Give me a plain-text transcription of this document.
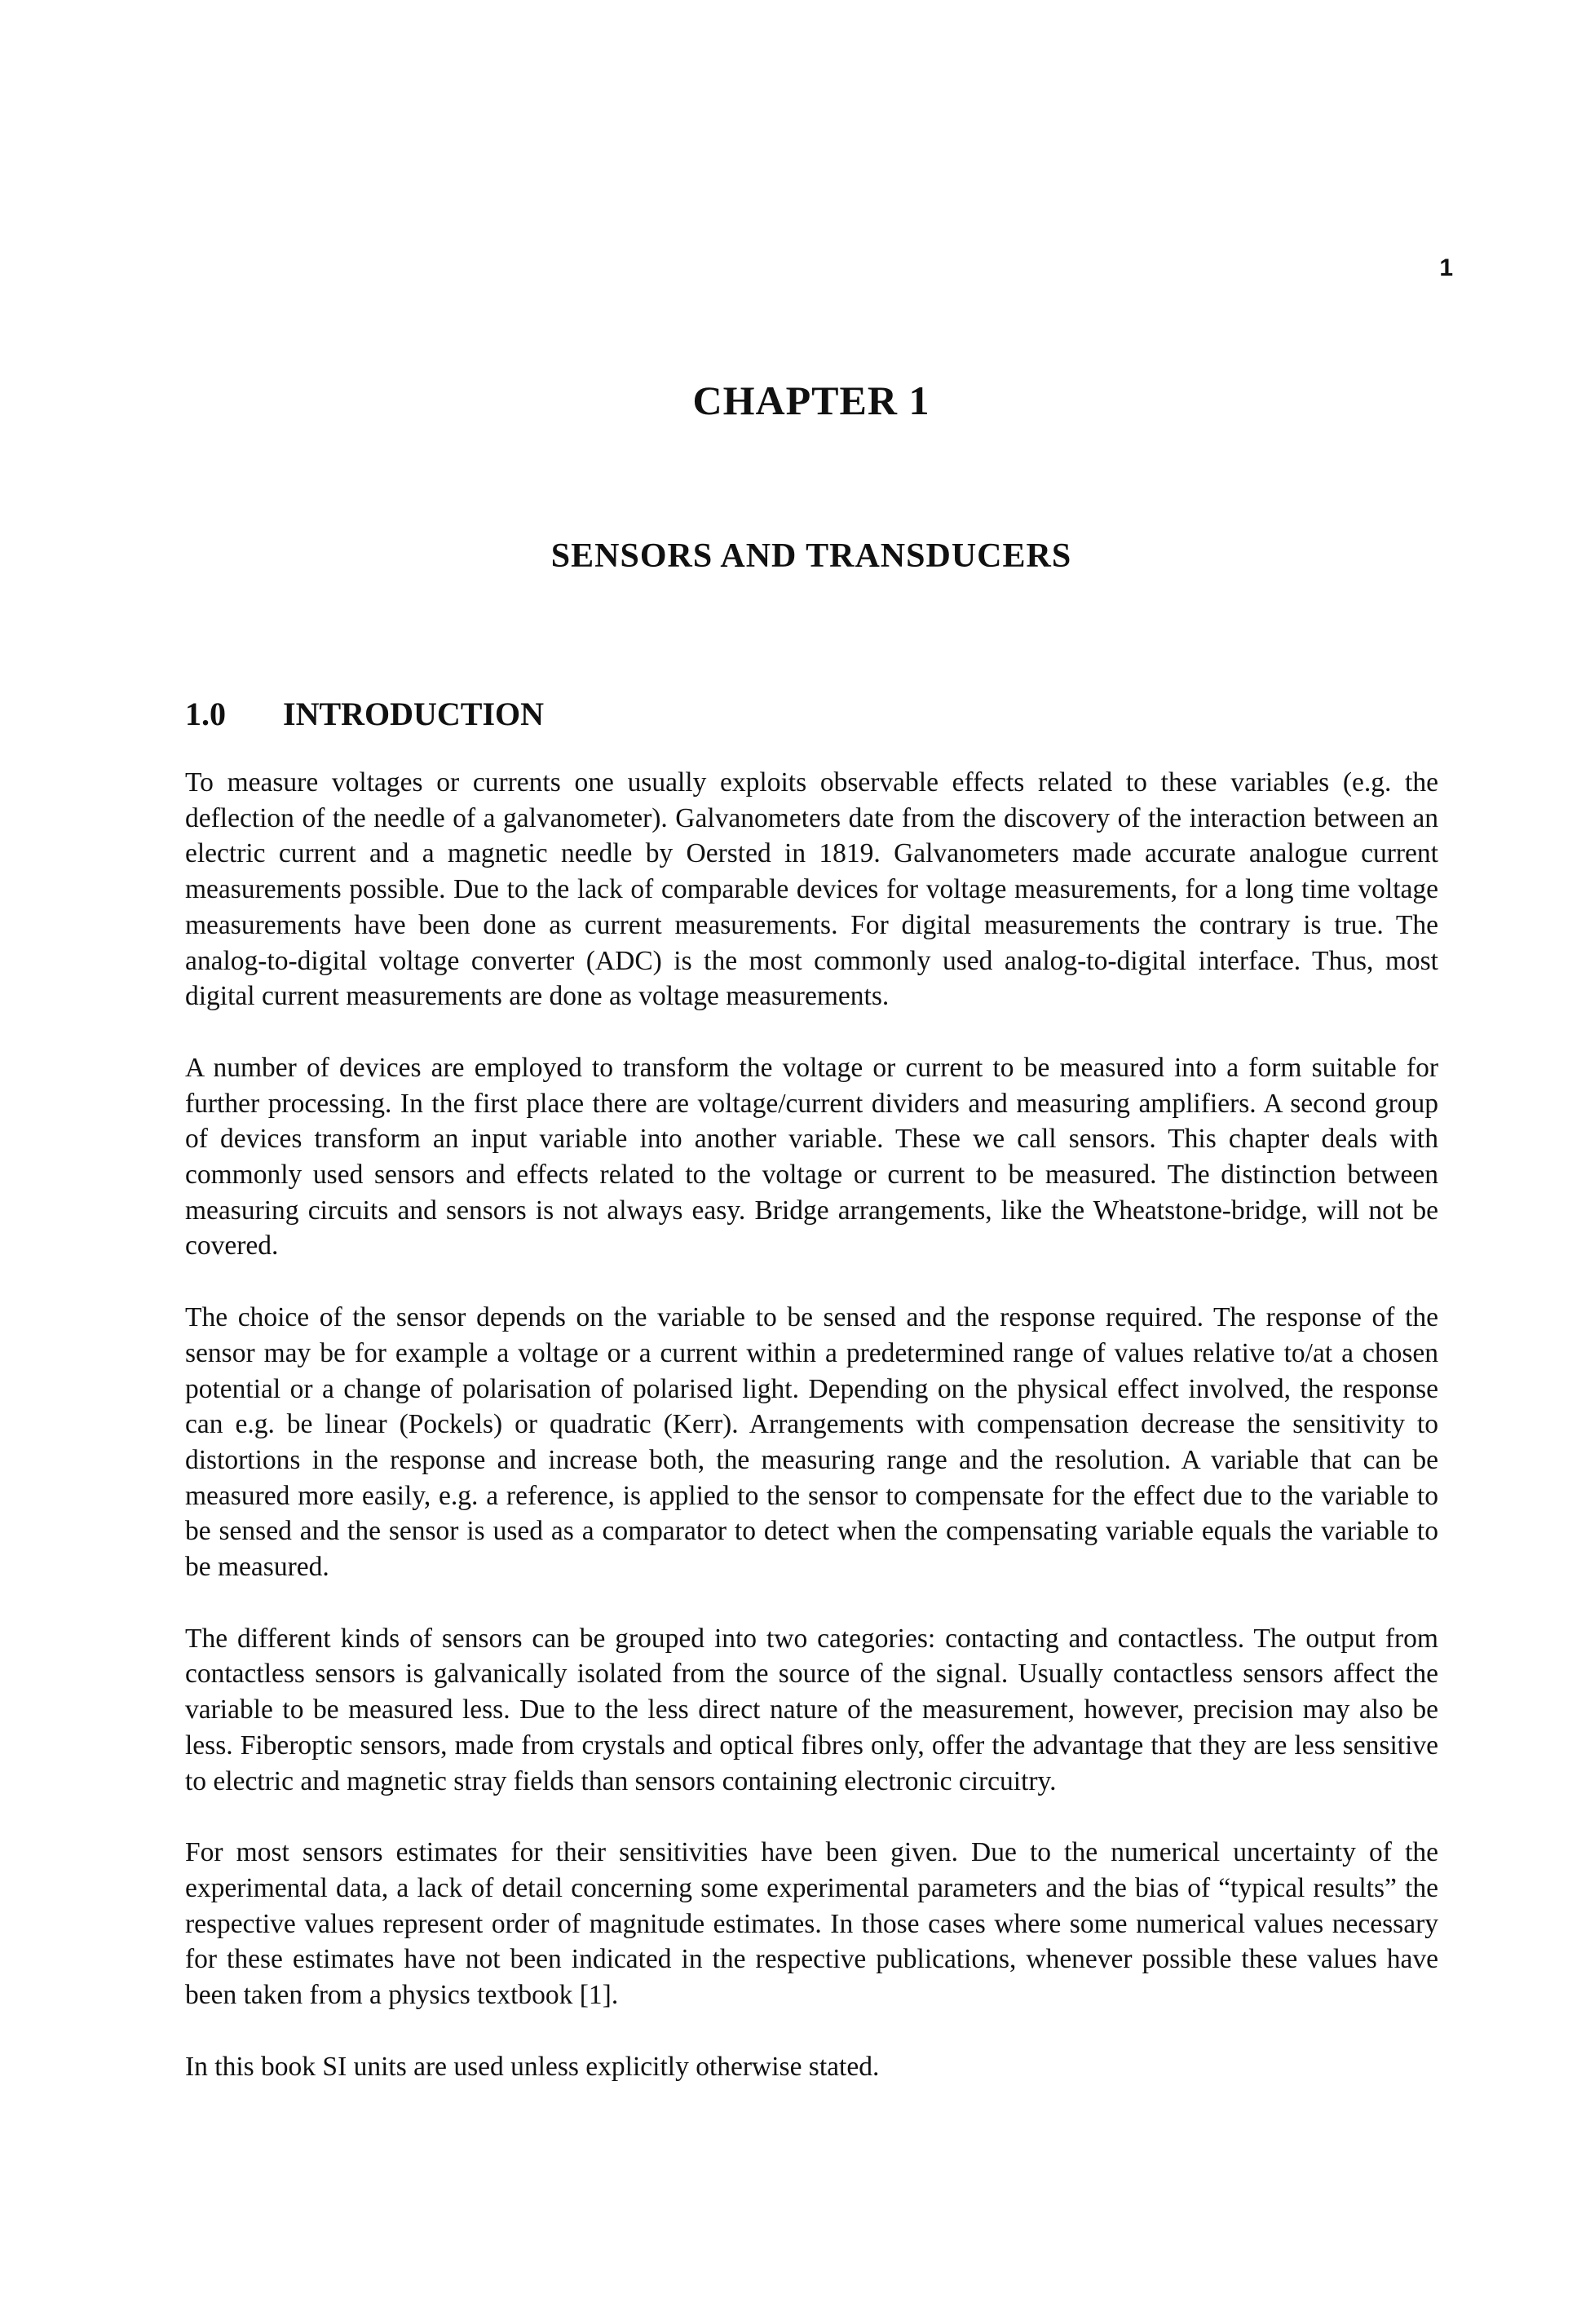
1
CHAPTER 1
SENSORS AND TRANSDUCERS
1.0 INTRODUCTION

To measure voltages or currents one usually exploits observable effects related to these variables (e.g. the deflection of the needle of a galvanometer). Galvanometers date from the discovery of the interaction between an electric current and a magnetic needle by Oersted in 1819. Galvanometers made accurate analogue current measurements possible. Due to the lack of comparable devices for voltage measurements, for a long time voltage measurements have been done as current measurements. For digital measurements the contrary is true. The analog-to-digital voltage converter (ADC) is the most commonly used analog-to-digital interface. Thus, most digital current measurements are done as voltage measurements.

A number of devices are employed to transform the voltage or current to be measured into a form suitable for further processing. In the first place there are voltage/current dividers and measuring amplifiers. A second group of devices transform an input variable into another variable. These we call sensors. This chapter deals with commonly used sensors and effects related to the voltage or current to be measured. The distinction between measuring circuits and sensors is not always easy. Bridge arrangements, like the Wheatstone-bridge, will not be covered.

The choice of the sensor depends on the variable to be sensed and the response required. The response of the sensor may be for example a voltage or a current within a predetermined range of values relative to/at a chosen potential or a change of polarisation of polarised light. Depending on the physical effect involved, the response can e.g. be linear (Pockels) or quadratic (Kerr). Arrangements with compensation decrease the sensitivity to distortions in the response and increase both, the measuring range and the resolution. A variable that can be measured more easily, e.g. a reference, is applied to the sensor to compensate for the effect due to the variable to be sensed and the sensor is used as a comparator to detect when the compensating variable equals the variable to be measured.

The different kinds of sensors can be grouped into two categories: contacting and contactless. The output from contactless sensors is galvanically isolated from the source of the signal. Usually contactless sensors affect the variable to be measured less. Due to the less direct nature of the measurement, however, precision may also be less. Fiberoptic sensors, made from crystals and optical fibres only, offer the advantage that they are less sensitive to electric and magnetic stray fields than sensors containing electronic circuitry.

For most sensors estimates for their sensitivities have been given. Due to the numerical uncertainty of the experimental data, a lack of detail concerning some experimental parameters and the bias of “typical results” the respective values represent order of magnitude estimates. In those cases where some numerical values necessary for these estimates have not been indicated in the respective publications, whenever possible these values have been taken from a physics textbook [1].

In this book SI units are used unless explicitly otherwise stated.
